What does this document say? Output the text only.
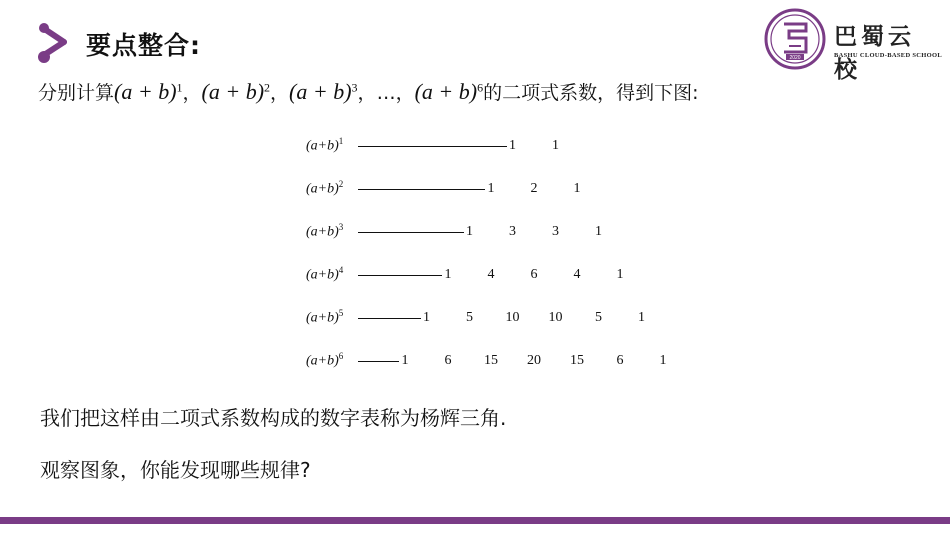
要点整合:	2020
巴蜀云校
BASHU CLOUD-BASED SCHOOL
分别计算$(a + b)^1$，$(a + b)^2$，$(a + b)^3$，…，$(a + b)^6$的二项式系数，得到下图:
$(a+b)^1$	1	1
$(a+b)^2$	1	2	1
$(a+b)^3$	1	3	3	1
$(a+b)^4$	1	4	6	4	1
$(a+b)^5$	1	5 10 10 5	1
$(a+b)^6$	1	6 15 20 15 6	1
我们把这样由二项式系数构成的数字表称为杨辉三角.
观察图象，你能发现哪些规律?
